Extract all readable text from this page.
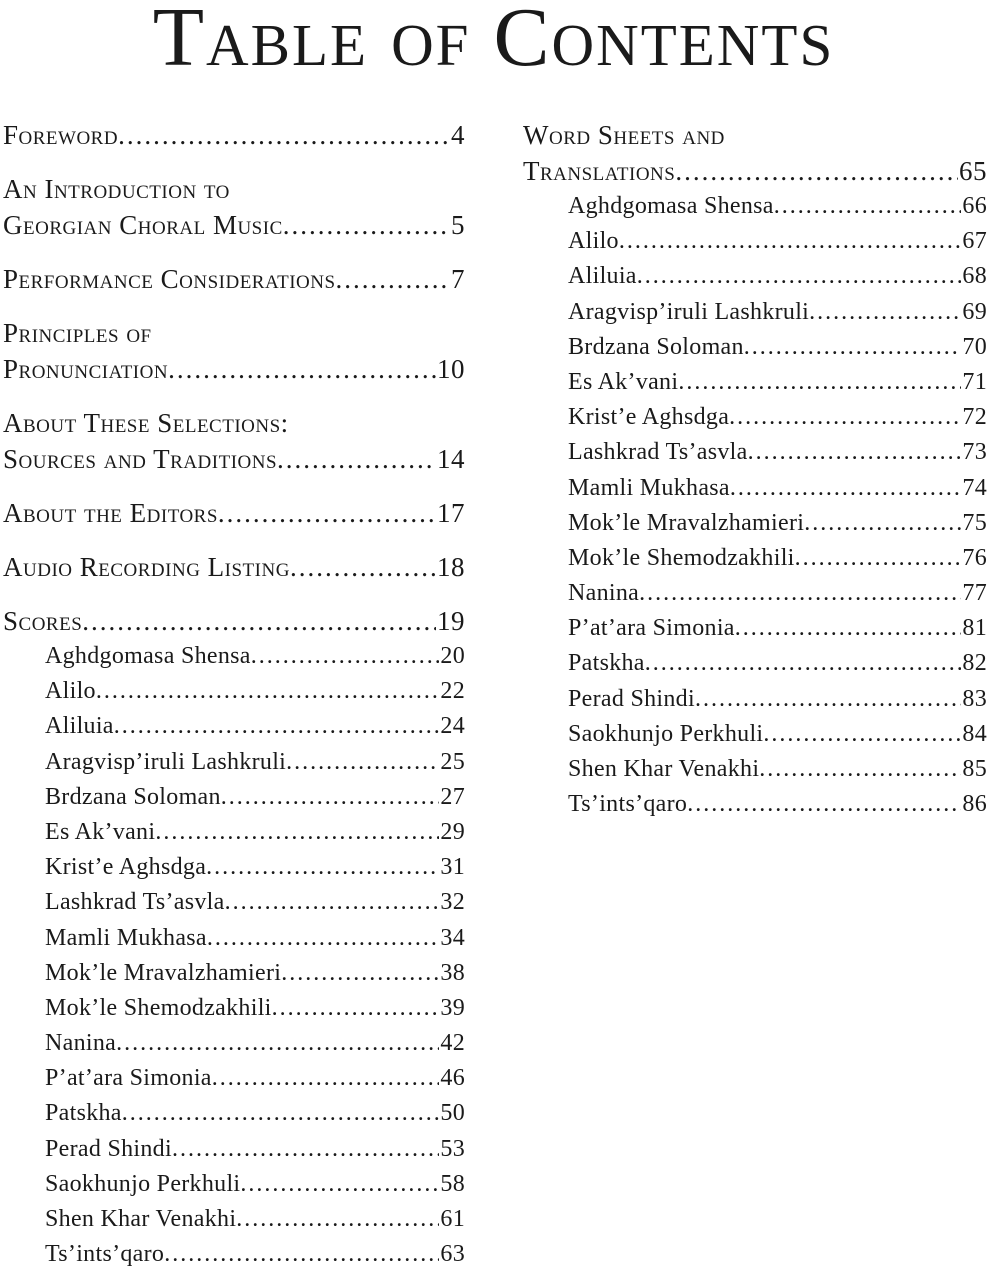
Table of Contents
Foreword .....	4
An Introduction to
Georgian Choral Music .....	5
Performance Considerations .....	7
Principles of
Pronunciation .....	10
About These Selections:
Sources and Traditions .....	14
About the Editors .....	17
Audio Recording Listing .....	18
Scores .....	19
Aghdgomasa Shensa .....	20
Alilo .....	22
Aliluia .....	24
Aragvisp’iruli Lashkruli .....	25
Brdzana Soloman .....	27
Es Ak’vani .....	29
Krist’e Aghsdga .....	31
Lashkrad Ts’asvla .....	32
Mamli Mukhasa .....	34
Mok’le Mravalzhamieri .....	38
Mok’le Shemodzakhili .....	39
Nanina .....	42
P’at’ara Simonia .....	46
Patskha .....	50
Perad Shindi .....	53
Saokhunjo Perkhuli .....	58
Shen Khar Venakhi .....	61
Ts’ints’qaro .....	63
Word Sheets and
Translations .....	65
Aghdgomasa Shensa .....	66
Alilo .....	67
Aliluia .....	68
Aragvisp’iruli Lashkruli .....	69
Brdzana Soloman .....	70
Es Ak’vani .....	71
Krist’e Aghsdga .....	72
Lashkrad Ts’asvla .....	73
Mamli Mukhasa .....	74
Mok’le Mravalzhamieri .....	75
Mok’le Shemodzakhili .....	76
Nanina .....	77
P’at’ara Simonia .....	81
Patskha .....	82
Perad Shindi .....	83
Saokhunjo Perkhuli .....	84
Shen Khar Venakhi .....	85
Ts’ints’qaro .....	86
